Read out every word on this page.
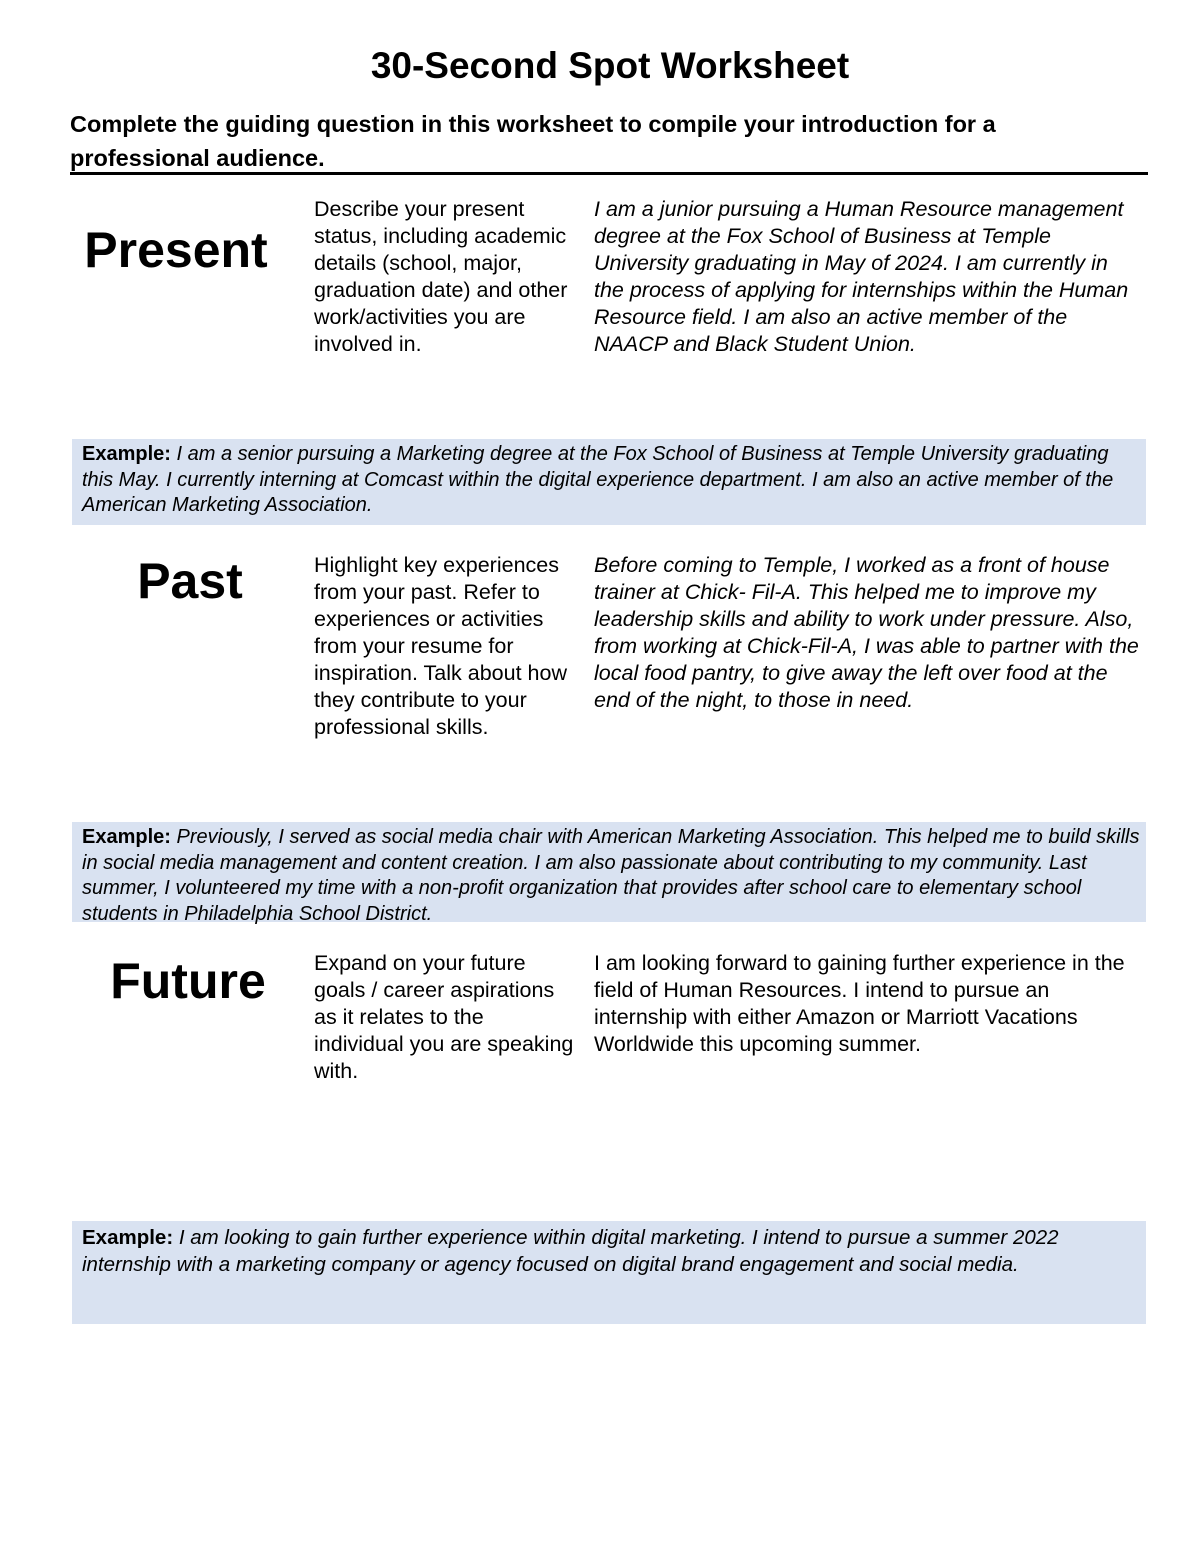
30-Second Spot Worksheet
Complete the guiding question in this worksheet to compile your introduction for a professional audience.
Present
Describe your present status, including academic details (school, major, graduation date) and other work/activities you are involved in.
I am a junior pursuing a Human Resource management degree at the Fox School of Business at Temple University graduating in May of 2024. I am currently in the process of applying for internships within the Human Resource field. I am also an active member of the NAACP and Black Student Union.
Example: I am a senior pursuing a Marketing degree at the Fox School of Business at Temple University graduating this May. I currently interning at Comcast within the digital experience department. I am also an active member of the American Marketing Association.
Past	Highlight key experiences from your past. Refer to experiences or activities from your resume for inspiration. Talk about how they contribute to your professional skills.
Before coming to Temple, I worked as a front of house trainer at Chick- Fil-A. This helped me to improve my leadership skills and ability to work under pressure. Also, from working at Chick-Fil-A, I was able to partner with the local food pantry, to give away the left over food at the end of the night, to those in need.
Example: Previously, I served as social media chair with American Marketing Association. This helped me to build skills in social media management and content creation. I am also passionate about contributing to my community. Last summer, I volunteered my time with a non-profit organization that provides after school care to elementary school students in Philadelphia School District.
Future	Expand on your future goals / career aspirations as it relates to the individual you are speaking with.
I am looking forward to gaining further experience in the field of Human Resources. I intend to pursue an internship with either Amazon or Marriott Vacations Worldwide this upcoming summer.
Example: I am looking to gain further experience within digital marketing. I intend to pursue a summer 2022 internship with a marketing company or agency focused on digital brand engagement and social media.
